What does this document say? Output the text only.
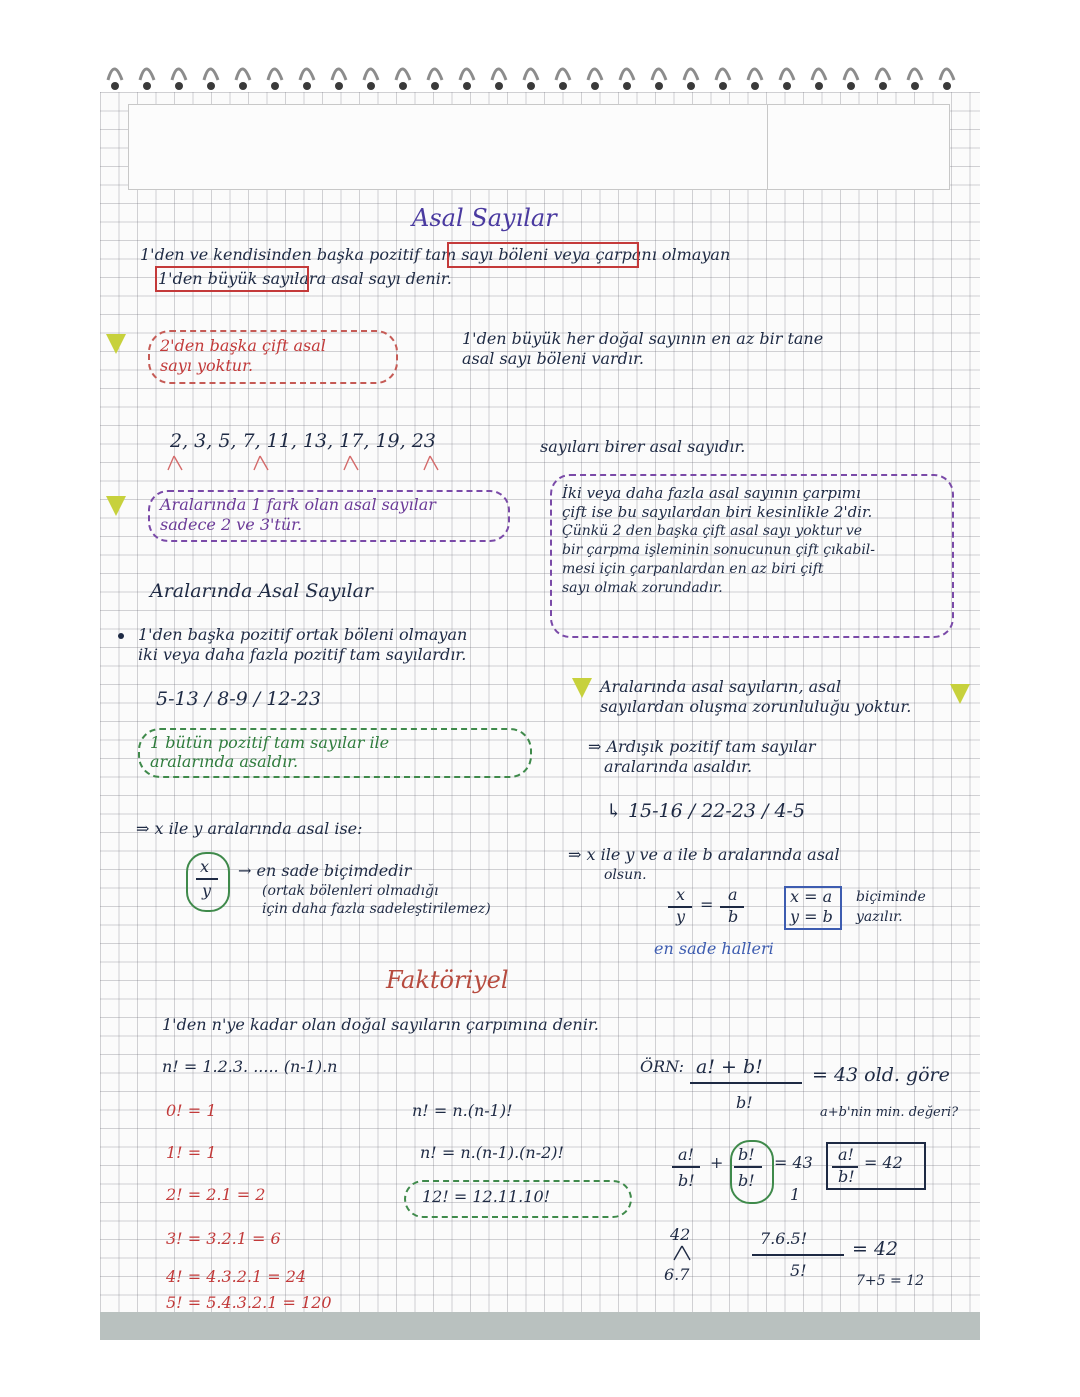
Asal Sayılar
1'den ve kendisinden başka pozitif tam sayı böleni veya çarpanı olmayan
1'den büyük sayılara asal sayı denir.
2'den başka çift asal
sayı yoktur.
1'den büyük her doğal sayının en az bir tane
asal sayı böleni vardır.
2, 3, 5, 7, 11, 13, 17, 19, 23	sayıları birer asal sayıdır.
Aralarında 1 fark olan asal sayılar
sadece 2 ve 3'tür.
İki veya daha fazla asal sayının çarpımı
çift ise bu sayılardan biri kesinlikle 2'dir.
Çünkü 2 den başka çift asal sayı yoktur ve
bir çarpma işleminin sonucunun çift çıkabil-
mesi için çarpanlardan en az biri çift
sayı olmak zorundadır.
Aralarında Asal Sayılar
1'den başka pozitif ortak böleni olmayan
iki veya daha fazla pozitif tam sayılardır.
5-13 / 8-9 / 12-23
1 bütün pozitif tam sayılar ile
aralarında asaldır.
Aralarında asal sayıların, asal
sayılardan oluşma zorunluluğu yoktur.
⇒ Ardışık pozitif tam sayılar
aralarında asaldır.
↳ 15-16 / 22-23 / 4-5
⇒ x ile y aralarında asal ise:
x
y
→ en sade biçimdedir
(ortak bölenleri olmadığı
için daha fazla sadeleştirilemez)
⇒ x ile y ve a ile b aralarında asal
olsun.
x
y
=
a
b
x = a
y = b
biçiminde
yazılır.
en sade halleri
Faktöriyel
1'den n'ye kadar olan doğal sayıların çarpımına denir.
n! = 1.2.3. ..... (n-1).n
0! = 1
1! = 1
2! = 2.1 = 2
3! = 3.2.1 = 6
4! = 4.3.2.1 = 24
5! = 5.4.3.2.1 = 120
n! = n.(n-1)!
n! = n.(n-1).(n-2)!
12! = 12.11.10!
ÖRN: a! + b!
b!
= 43 old. göre
a+b'nin min. değeri?
a!
b!
+ b!
b!
= 43
1
a!
b!
= 42
42
6.7
7.6.5!
5!
= 42
7+5 = 12
